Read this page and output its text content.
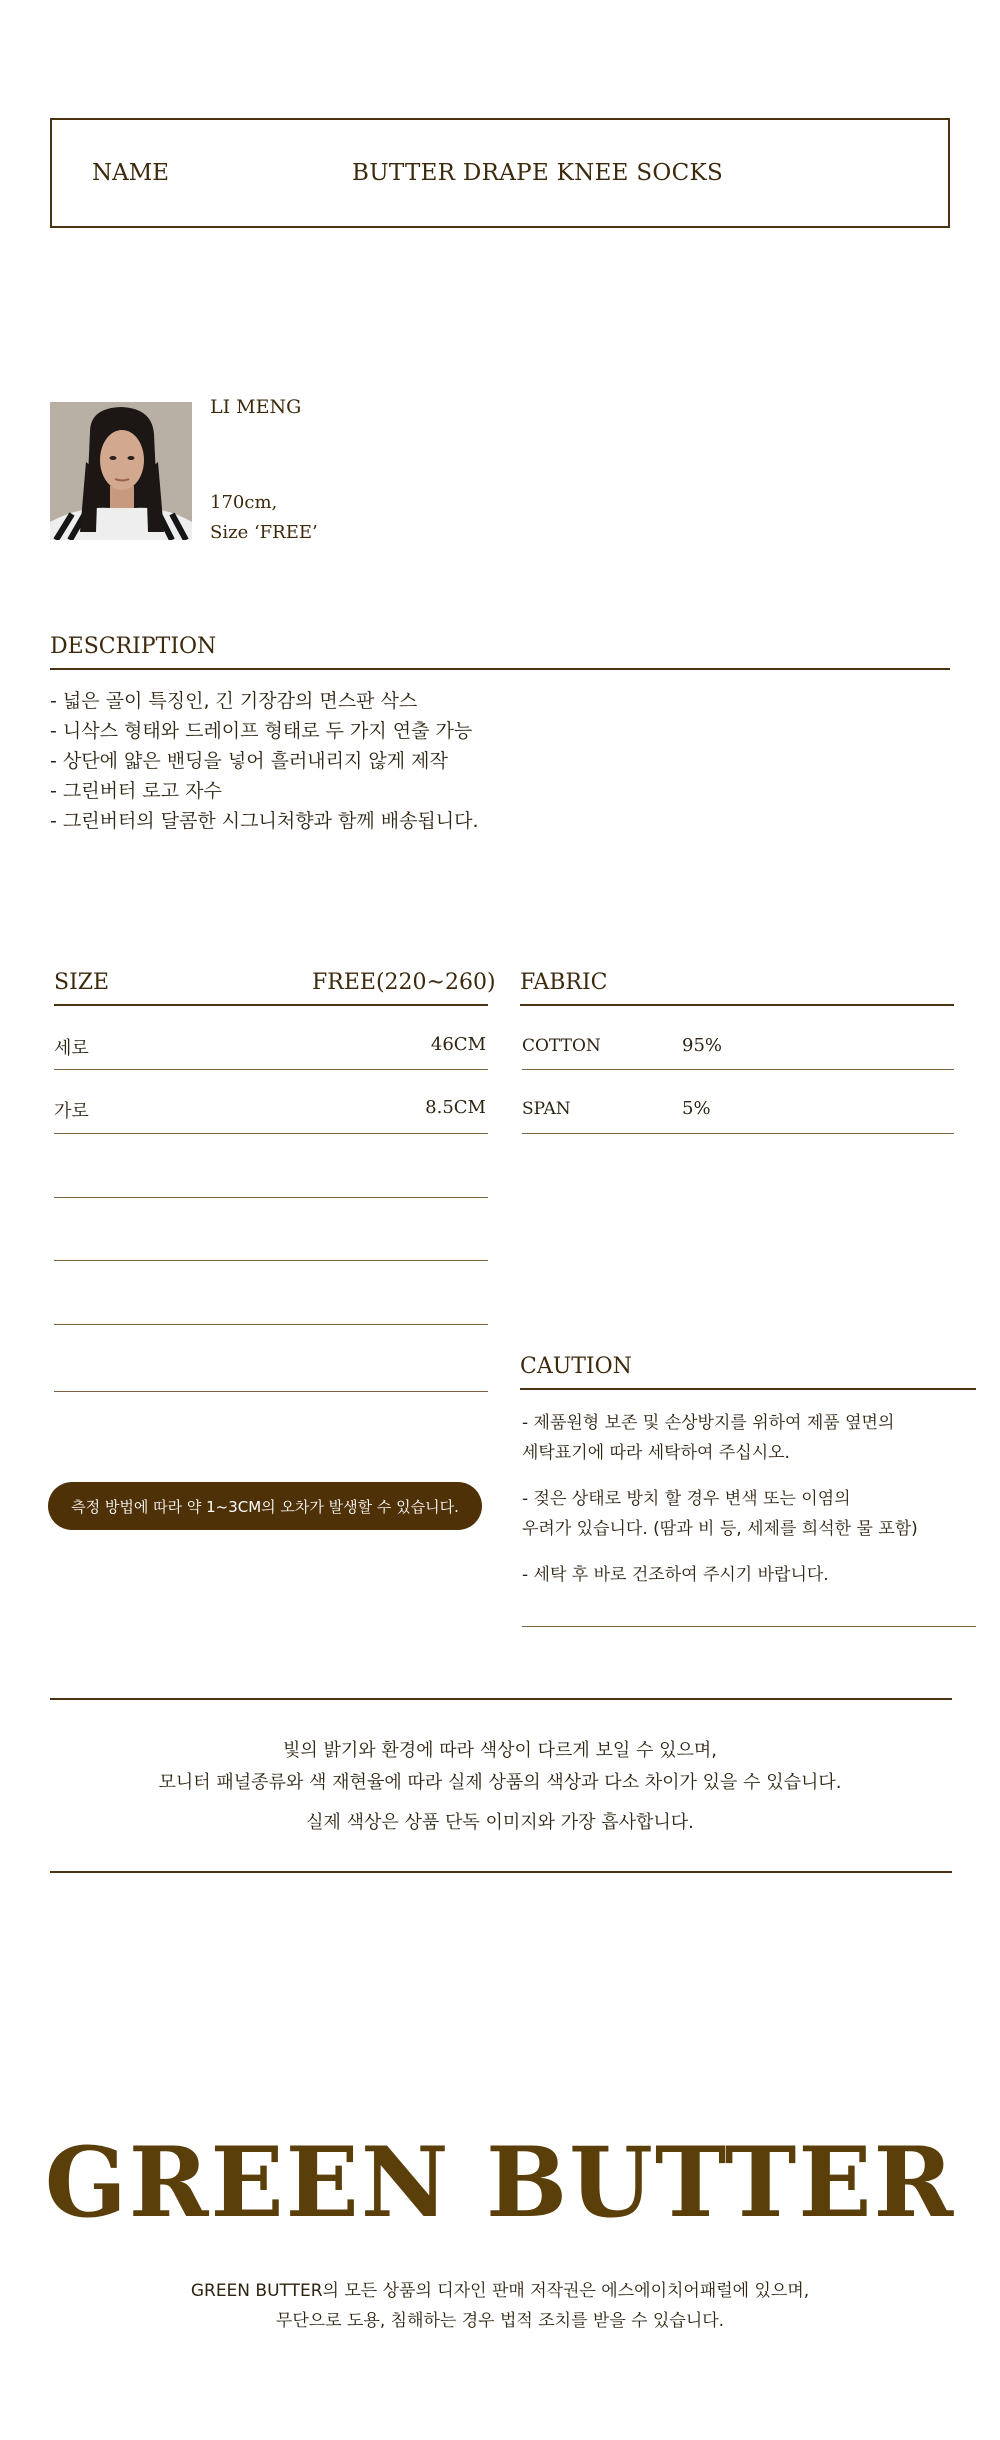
NAME	BUTTER DRAPE KNEE SOCKS
LI MENG
170cm,
Size ‘FREE’
DESCRIPTION
- 넓은 골이 특징인, 긴 기장감의 면스판 삭스
- 니삭스 형태와 드레이프 형태로 두 가지 연출 가능
- 상단에 얇은 밴딩을 넣어 흘러내리지 않게 제작
- 그린버터 로고 자수
- 그린버터의 달콤한 시그니처향과 함께 배송됩니다.
SIZE	FREE(220~260)
세로	46CM
가로	8.5CM
측정 방법에 따라 약 1~3CM의 오차가 발생할 수 있습니다.
FABRIC
COTTON	95%
SPAN	5%
CAUTION
- 제품원형 보존 및 손상방지를 위하여 제품 옆면의
세탁표기에 따라 세탁하여 주십시오.
- 젖은 상태로 방치 할 경우 변색 또는 이염의
우려가 있습니다. (땀과 비 등, 세제를 희석한 물 포함)
- 세탁 후 바로 건조하여 주시기 바랍니다.
빛의 밝기와 환경에 따라 색상이 다르게 보일 수 있으며,
모니터 패널종류와 색 재현율에 따라 실제 상품의 색상과 다소 차이가 있을 수 있습니다.
실제 색상은 상품 단독 이미지와 가장 흡사합니다.
GREEN BUTTER
GREEN BUTTER의 모든 상품의 디자인 판매 저작권은 에스에이치어패럴에 있으며,
무단으로 도용, 침해하는 경우 법적 조치를 받을 수 있습니다.
